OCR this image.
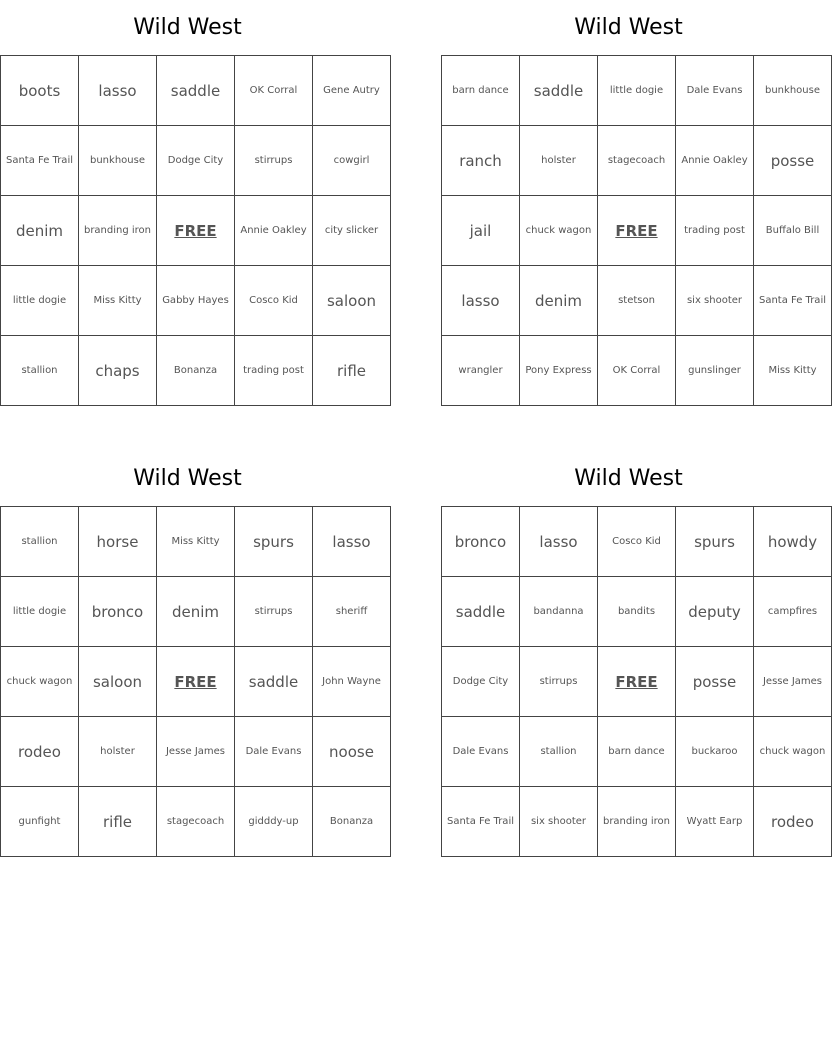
Wild West
boots	lasso	saddle	OK Corral	Gene Autry
Santa Fe Trail	bunkhouse	Dodge City	stirrups	cowgirl
denim	branding iron	FREE	Annie Oakley	city slicker
little dogie	Miss Kitty	Gabby Hayes	Cosco Kid	saloon
stallion	chaps	Bonanza	trading post	rifle
Wild West
barn dance	saddle	little dogie	Dale Evans	bunkhouse
ranch	holster	stagecoach	Annie Oakley	posse
jail	chuck wagon	FREE	trading post	Buffalo Bill
lasso	denim	stetson	six shooter	Santa Fe Trail
wrangler	Pony Express	OK Corral	gunslinger	Miss Kitty
Wild West
stallion	horse	Miss Kitty	spurs	lasso
little dogie	bronco	denim	stirrups	sheriff
chuck wagon	saloon	FREE	saddle	John Wayne
rodeo	holster	Jesse James	Dale Evans	noose
gunfight	rifle	stagecoach	gidddy-up	Bonanza
Wild West
bronco	lasso	Cosco Kid	spurs	howdy
saddle	bandanna	bandits	deputy	campfires
Dodge City	stirrups	FREE	posse	Jesse James
Dale Evans	stallion	barn dance	buckaroo	chuck wagon
Santa Fe Trail	six shooter	branding iron	Wyatt Earp	rodeo
